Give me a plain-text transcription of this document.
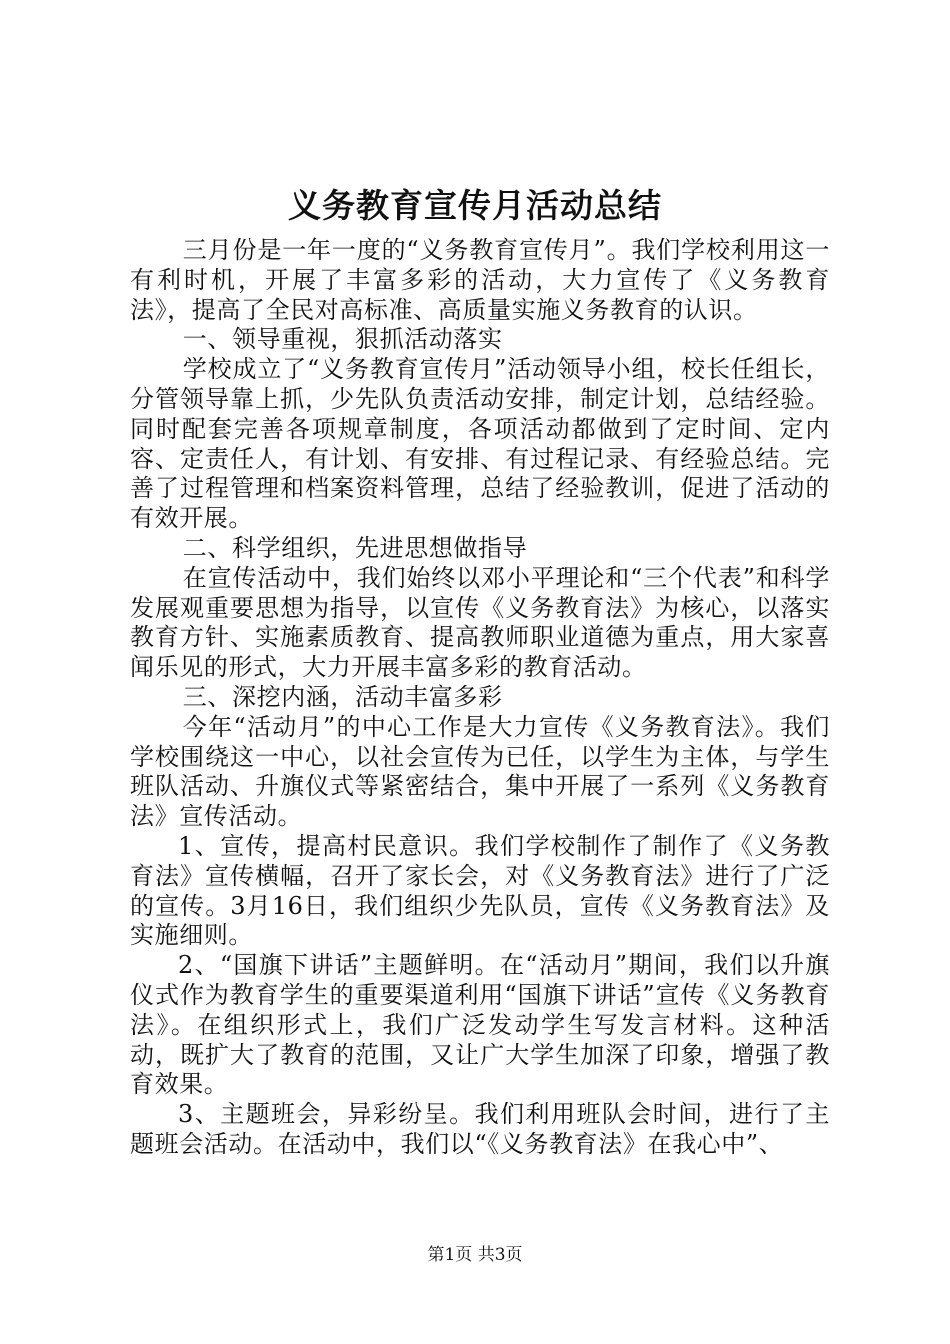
义务教育宣传月活动总结

三月份是一年一度的“义务教育宣传月”。我们学校利用这一有利时机，开展了丰富多彩的活动，大力宣传了《义务教育法》，提高了全民对高标准、高质量实施义务教育的认识。

一、领导重视，狠抓活动落实

学校成立了“义务教育宣传月”活动领导小组，校长任组长，分管领导靠上抓，少先队负责活动安排，制定计划，总结经验。同时配套完善各项规章制度，各项活动都做到了定时间、定内容、定责任人，有计划、有安排、有过程记录、有经验总结。完善了过程管理和档案资料管理，总结了经验教训，促进了活动的有效开展。

二、科学组织，先进思想做指导

在宣传活动中，我们始终以邓小平理论和“三个代表”和科学发展观重要思想为指导，以宣传《义务教育法》为核心，以落实教育方针、实施素质教育、提高教师职业道德为重点，用大家喜闻乐见的形式，大力开展丰富多彩的教育活动。

三、深挖内涵，活动丰富多彩

今年“活动月”的中心工作是大力宣传《义务教育法》。我们学校围绕这一中心，以社会宣传为已任，以学生为主体，与学生班队活动、升旗仪式等紧密结合，集中开展了一系列《义务教育法》宣传活动。

1、宣传，提高村民意识。我们学校制作了制作了《义务教育法》宣传横幅，召开了家长会，对《义务教育法》进行了广泛的宣传。3月16日，我们组织少先队员，宣传《义务教育法》及实施细则。

2、“国旗下讲话”主题鲜明。在“活动月”期间，我们以升旗仪式作为教育学生的重要渠道利用“国旗下讲话”宣传《义务教育法》。在组织形式上，我们广泛发动学生写发言材料。这种活动，既扩大了教育的范围，又让广大学生加深了印象，增强了教育效果。

3、主题班会，异彩纷呈。我们利用班队会时间，进行了主题班会活动。在活动中，我们以“《义务教育法》在我心中”、

第1页 共3页
